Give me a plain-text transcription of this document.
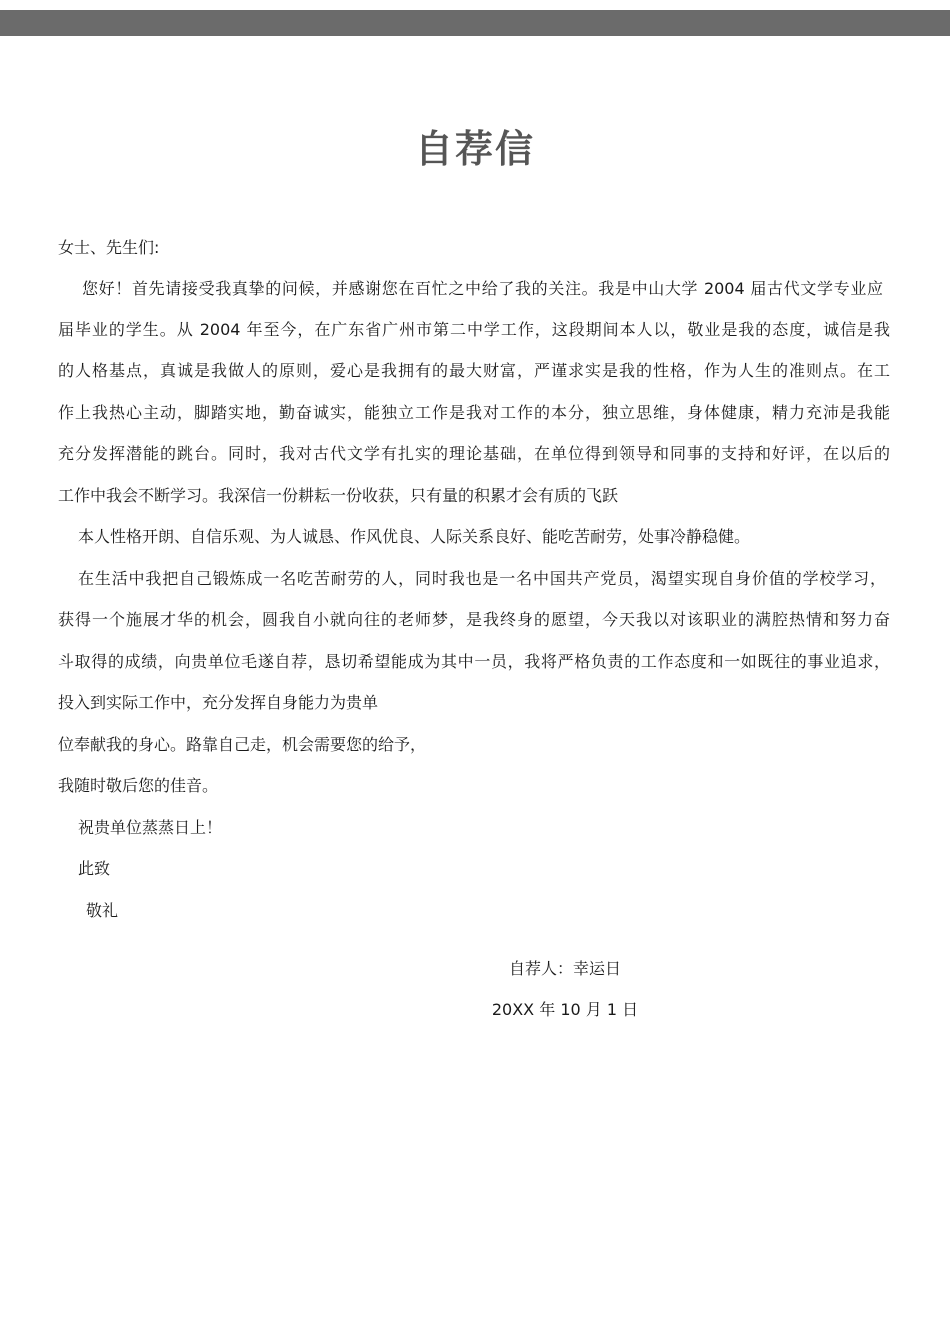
自荐信
女士、先生们:
您好！首先请接受我真挚的问候，并感谢您在百忙之中给了我的关注。我是中山大学 2004 届古代文学专业应
届毕业的学生。从 2004 年至今，在广东省广州市第二中学工作，这段期间本人以，敬业是我的态度，诚信是我
的人格基点，真诚是我做人的原则，爱心是我拥有的最大财富，严谨求实是我的性格，作为人生的准则点。在工
作上我热心主动，脚踏实地，勤奋诚实，能独立工作是我对工作的本分，独立思维，身体健康，精力充沛是我能
充分发挥潜能的跳台。同时，我对古代文学有扎实的理论基础，在单位得到领导和同事的支持和好评，在以后的
工作中我会不断学习。我深信一份耕耘一份收获，只有量的积累才会有质的飞跃
本人性格开朗、自信乐观、为人诚恳、作风优良、人际关系良好、能吃苦耐劳，处事冷静稳健。
在生活中我把自己锻炼成一名吃苦耐劳的人，同时我也是一名中国共产党员，渴望实现自身价值的学校学习，
获得一个施展才华的机会，圆我自小就向往的老师梦，是我终身的愿望，今天我以对该职业的满腔热情和努力奋
斗取得的成绩，向贵单位毛遂自荐，恳切希望能成为其中一员，我将严格负责的工作态度和一如既往的事业追求，
投入到实际工作中，充分发挥自身能力为贵单
位奉献我的身心。路靠自己走，机会需要您的给予，
我随时敬后您的佳音。
祝贵单位蒸蒸日上！
此致
敬礼
自荐人：幸运日
20XX 年 10 月 1 日
